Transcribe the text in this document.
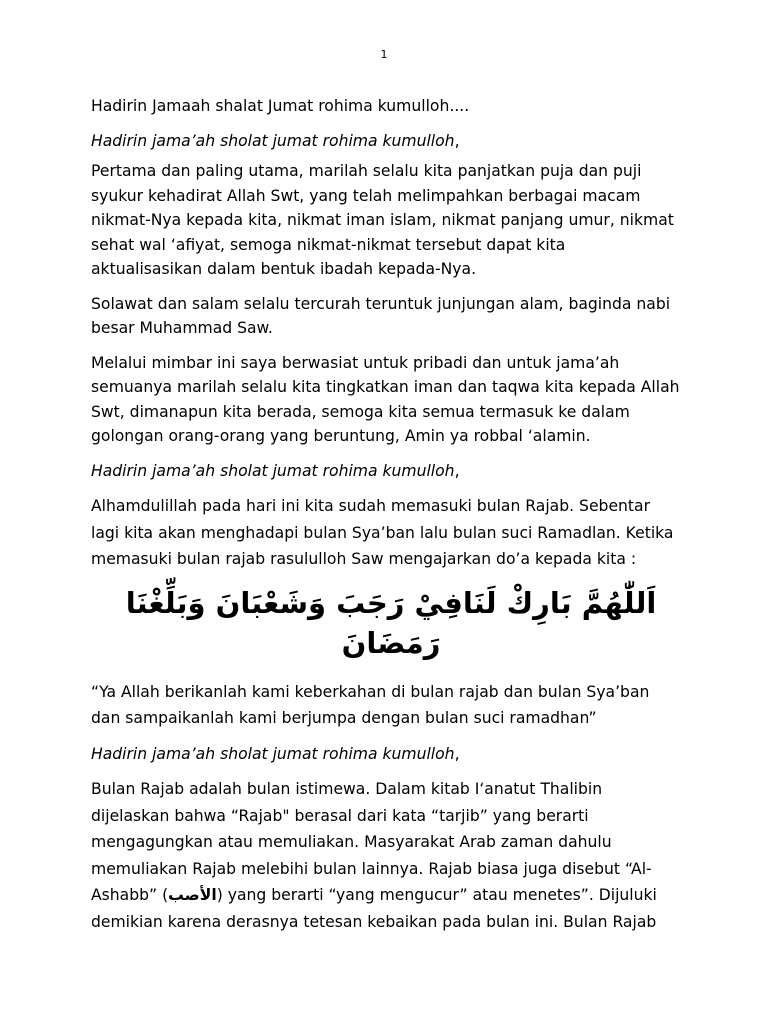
1

Hadirin Jamaah shalat Jumat rohima kumulloh....

Hadirin jama’ah sholat jumat rohima kumulloh,

Pertama dan paling utama, marilah selalu kita panjatkan puja dan puji
syukur kehadirat Allah Swt, yang telah melimpahkan berbagai macam
nikmat-Nya kepada kita, nikmat iman islam, nikmat panjang umur, nikmat
sehat wal ‘afiyat, semoga nikmat-nikmat tersebut dapat kita
aktualisasikan dalam bentuk ibadah kepada-Nya.

Solawat dan salam selalu tercurah teruntuk junjungan alam, baginda nabi
besar Muhammad Saw.

Melalui mimbar ini saya berwasiat untuk pribadi dan untuk jama’ah
semuanya marilah selalu kita tingkatkan iman dan taqwa kita kepada Allah
Swt, dimanapun kita berada, semoga kita semua termasuk ke dalam
golongan orang-orang yang beruntung, Amin ya robbal ‘alamin.

Hadirin jama’ah sholat jumat rohima kumulloh,

Alhamdulillah pada hari ini kita sudah memasuki bulan Rajab. Sebentar
lagi kita akan menghadapi bulan Sya’ban lalu bulan suci Ramadlan. Ketika
memasuki bulan rajab rasululloh Saw mengajarkan do’a kepada kita :

اَللّٰهُمَّ بَارِكْ لَنَافِيْ رَجَبَ وَشَعْبَانَ وَبَلِّغْنَا رَمَضَانَ

“Ya Allah berikanlah kami keberkahan di bulan rajab dan bulan Sya’ban
dan sampaikanlah kami berjumpa dengan bulan suci ramadhan”

Hadirin jama’ah sholat jumat rohima kumulloh,

Bulan Rajab adalah bulan istimewa. Dalam kitab I‘anatut Thalibin
dijelaskan bahwa “Rajab" berasal dari kata “tarjib” yang berarti
mengagungkan atau memuliakan. Masyarakat Arab zaman dahulu
memuliakan Rajab melebihi bulan lainnya. Rajab biasa juga disebut “Al-
Ashabb” (الأصب) yang berarti “yang mengucur” atau menetes”. Dijuluki
demikian karena derasnya tetesan kebaikan pada bulan ini. Bulan Rajab
